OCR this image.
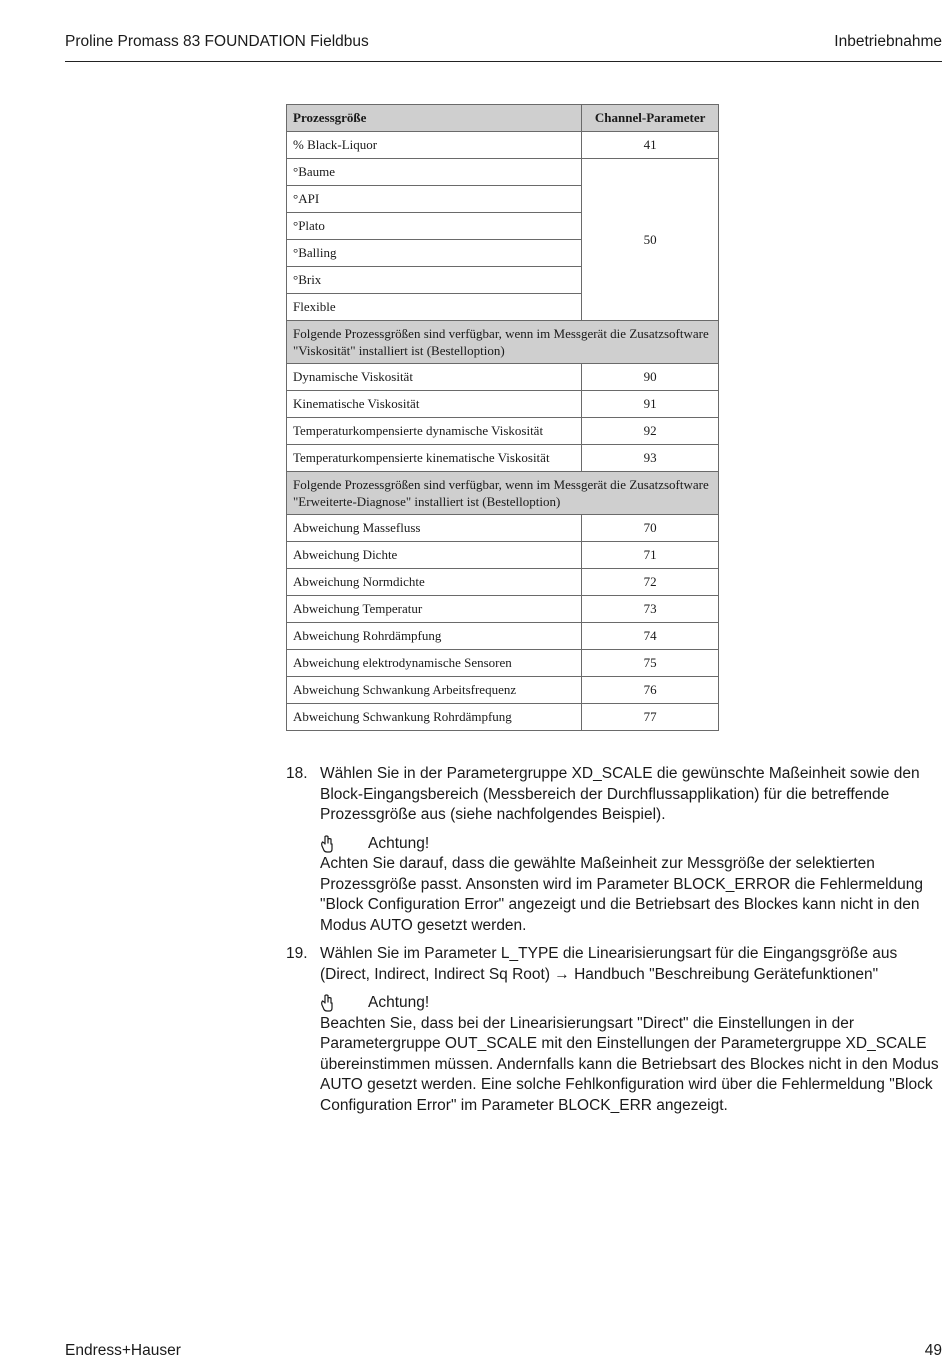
Proline Promass 83 FOUNDATION Fieldbus	Inbetriebnahme
Prozessgröße	Channel-Parameter
% Black-Liquor	41
°Baume	50
°API	
°Plato	
°Balling	
°Brix	
Flexible	
Folgende Prozessgrößen sind verfügbar, wenn im Messgerät die Zusatzsoftware "Viskosität" installiert ist (Bestelloption)	
Dynamische Viskosität	90
Kinematische Viskosität	91
Temperaturkompensierte dynamische Viskosität	92
Temperaturkompensierte kinematische Viskosität	93
Folgende Prozessgrößen sind verfügbar, wenn im Messgerät die Zusatzsoftware "Erweiterte-Diagnose" installiert ist (Bestelloption)	
Abweichung Massefluss	70
Abweichung Dichte	71
Abweichung Normdichte	72
Abweichung Temperatur	73
Abweichung Rohrdämpfung	74
Abweichung elektrodynamische Sensoren	75
Abweichung Schwankung Arbeitsfrequenz	76
Abweichung Schwankung Rohrdämpfung	77
18. Wählen Sie in der Parametergruppe XD_SCALE die gewünschte Maßeinheit sowie den Block-Eingangsbereich (Messbereich der Durchflussapplikation) für die betreffende Prozessgröße aus (siehe nachfolgendes Beispiel).

Achtung!

Achten Sie darauf, dass die gewählte Maßeinheit zur Messgröße der selektierten Prozessgröße passt. Ansonsten wird im Parameter BLOCK_ERROR die Fehlermeldung "Block Configuration Error" angezeigt und die Betriebsart des Blockes kann nicht in den Modus AUTO gesetzt werden.

19. Wählen Sie im Parameter L_TYPE die Linearisierungsart für die Eingangsgröße aus (Direct, Indirect, Indirect Sq Root) → Handbuch "Beschreibung Gerätefunktionen"

Achtung!

Beachten Sie, dass bei der Linearisierungsart "Direct" die Einstellungen in der Parametergruppe OUT_SCALE mit den Einstellungen der Parametergruppe XD_SCALE übereinstimmen müssen. Andernfalls kann die Betriebsart des Blockes nicht in den Modus AUTO gesetzt werden. Eine solche Fehlkonfiguration wird über die Fehlermeldung "Block Configuration Error" im Parameter BLOCK_ERR angezeigt.

Endress+Hauser	49
